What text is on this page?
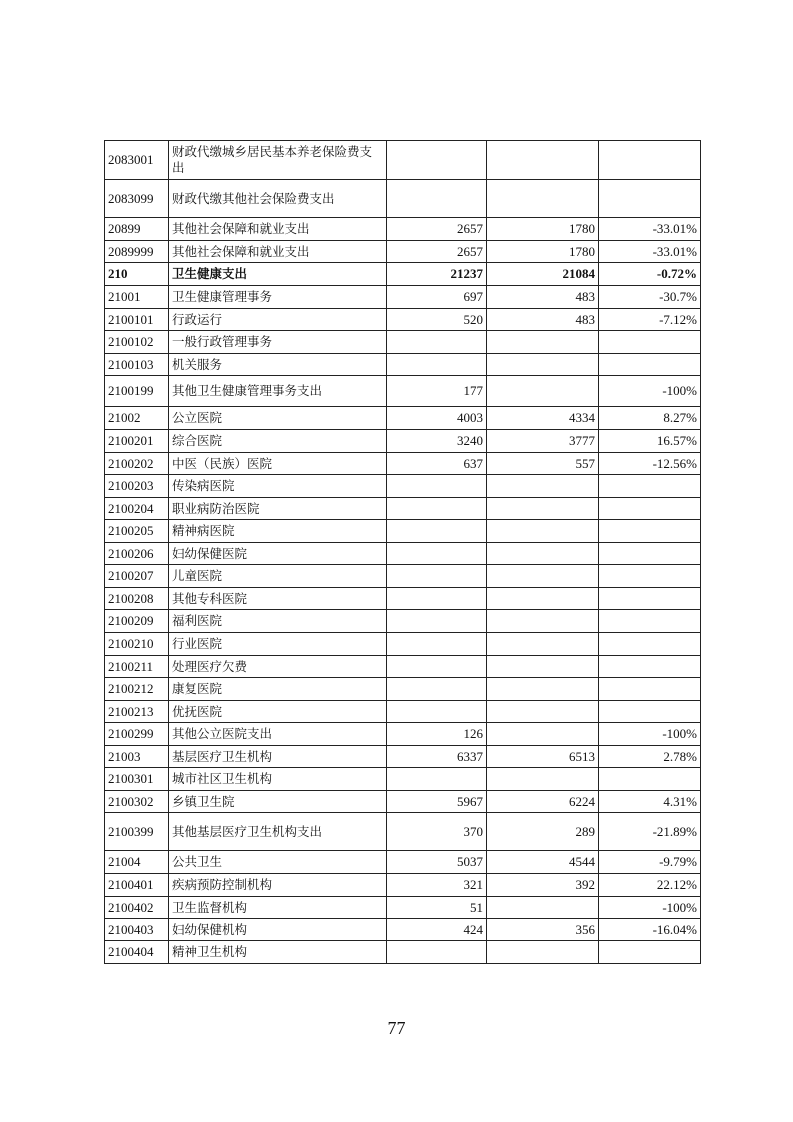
2083001	财政代缴城乡居民基本养老保险费支出			
2083099	财政代缴其他社会保险费支出			
20899	其他社会保障和就业支出	2657	1780	-33.01%
2089999	其他社会保障和就业支出	2657	1780	-33.01%
210	卫生健康支出	21237	21084	-0.72%
21001	卫生健康管理事务	697	483	-30.7%
2100101	行政运行	520	483	-7.12%
2100102	一般行政管理事务			
2100103	机关服务			
2100199	其他卫生健康管理事务支出	177		-100%
21002	公立医院	4003	4334	8.27%
2100201	综合医院	3240	3777	16.57%
2100202	中医（民族）医院	637	557	-12.56%
2100203	传染病医院			
2100204	职业病防治医院			
2100205	精神病医院			
2100206	妇幼保健医院			
2100207	儿童医院			
2100208	其他专科医院			
2100209	福利医院			
2100210	行业医院			
2100211	处理医疗欠费			
2100212	康复医院			
2100213	优抚医院			
2100299	其他公立医院支出	126		-100%
21003	基层医疗卫生机构	6337	6513	2.78%
2100301	城市社区卫生机构			
2100302	乡镇卫生院	5967	6224	4.31%
2100399	其他基层医疗卫生机构支出	370	289	-21.89%
21004	公共卫生	5037	4544	-9.79%
2100401	疾病预防控制机构	321	392	22.12%
2100402	卫生监督机构	51		-100%
2100403	妇幼保健机构	424	356	-16.04%
2100404	精神卫生机构			
77
